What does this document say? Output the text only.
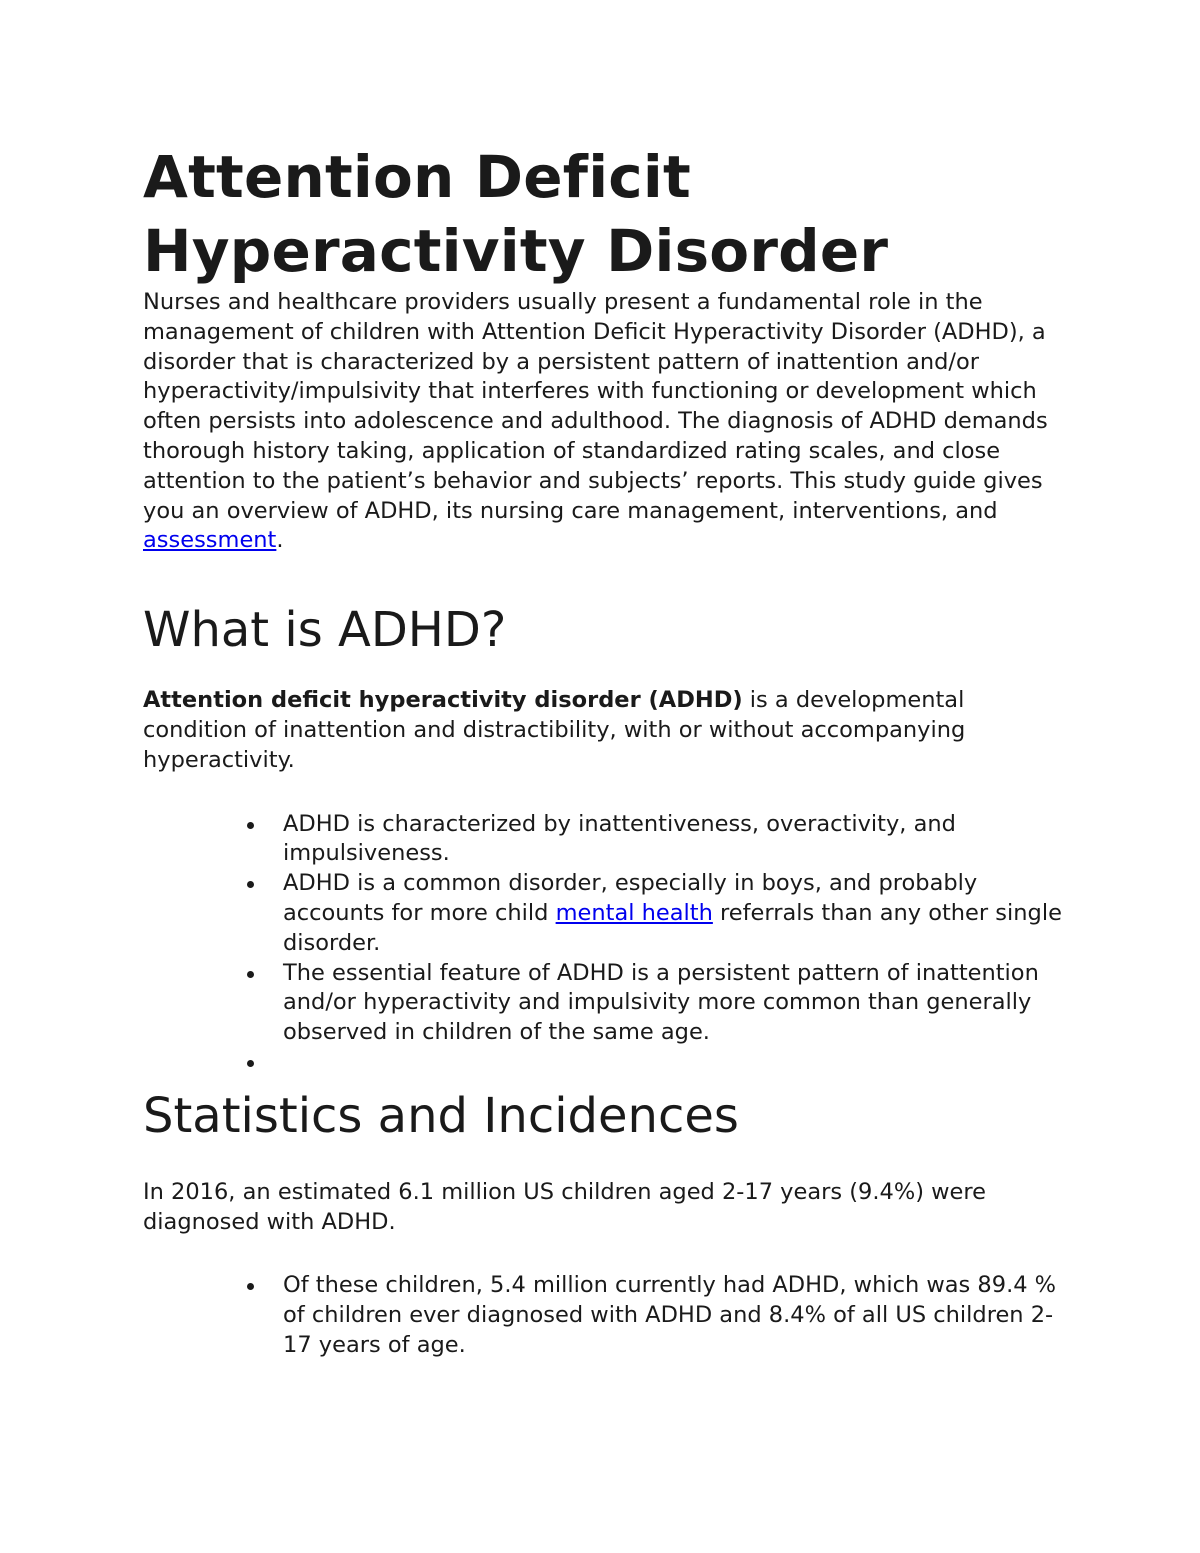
Attention Deficit Hyperactivity Disorder

Nurses and healthcare providers usually present a fundamental role in the management of children with Attention Deficit Hyperactivity Disorder (ADHD), a disorder that is characterized by a persistent pattern of inattention and/or hyperactivity/impulsivity that interferes with functioning or development which often persists into adolescence and adulthood. The diagnosis of ADHD demands thorough history taking, application of standardized rating scales, and close attention to the patient’s behavior and subjects’ reports. This study guide gives you an overview of ADHD, its nursing care management, interventions, and assessment.

What is ADHD?

Attention deficit hyperactivity disorder (ADHD) is a developmental condition of inattention and distractibility, with or without accompanying hyperactivity.

ADHD is characterized by inattentiveness, overactivity, and impulsiveness.
ADHD is a common disorder, especially in boys, and probably accounts for more child mental health referrals than any other single disorder.
The essential feature of ADHD is a persistent pattern of inattention and/or hyperactivity and impulsivity more common than generally observed in children of the same age.
Statistics and Incidences

In 2016, an estimated 6.1 million US children aged 2-17 years (9.4%) were diagnosed with ADHD.

Of these children, 5.4 million currently had ADHD, which was 89.4 % of children ever diagnosed with ADHD and 8.4% of all US children 2-17 years of age.
